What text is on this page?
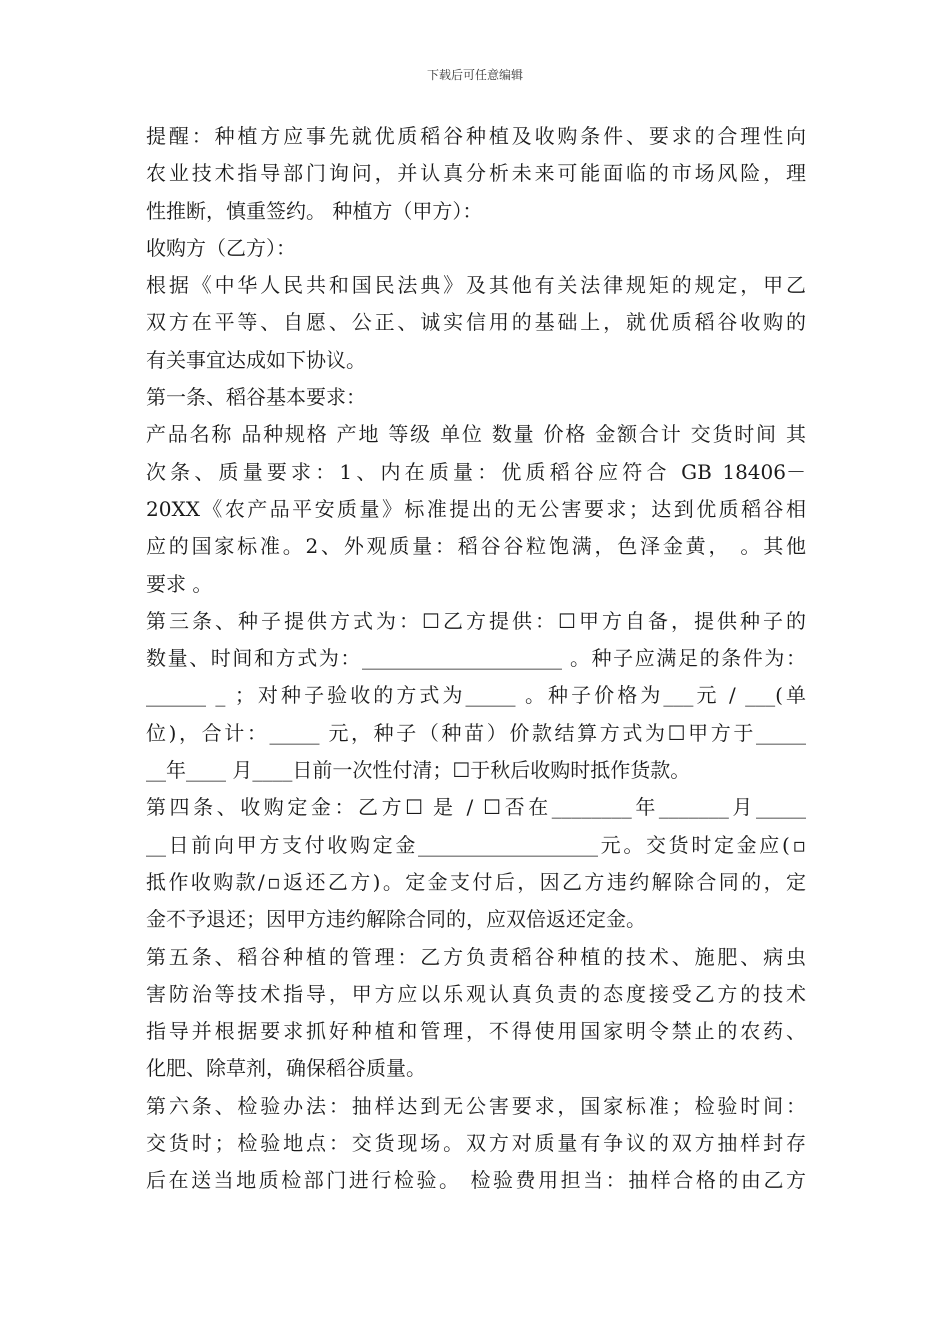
下载后可任意编辑
提醒：种植方应事先就优质稻谷种植及收购条件、要求的合理性向
农业技术指导部门询问，并认真分析未来可能面临的市场风险，理
性推断，慎重签约。 种植方（甲方）：
收购方（乙方）：
根据《中华人民共和国民法典》及其他有关法律规矩的规定，甲乙
双方在平等、自愿、公正、诚实信用的基础上，就优质稻谷收购的
有关事宜达成如下协议。
第一条、稻谷基本要求：
产品名称 品种规格 产地 等级 单位 数量 价格 金额合计 交货时间 其
次条、质量要求：1、内在质量：优质稻谷应符合 GB 18406－
20XX《农产品平安质量》标准提出的无公害要求；达到优质稻谷相
应的国家标准。2、外观质量：稻谷谷粒饱满，色泽金黄， 。其他
要求 。
第三条、种子提供方式为：☐乙方提供：☐甲方自备，提供种子的
数量、时间和方式为：____________________ 。种子应满足的条件为：
______ _ ；对种子验收的方式为_____ 。种子价格为___元 / ___(单
位)，合计：_____ 元，种子（种苗）价款结算方式为☐甲方于_____
__年____ 月____日前一次性付清；☐于秋后收购时抵作货款。
第四条、收购定金：乙方☐ 是 / ☐否在________年_______月_____
__日前向甲方支付收购定金__________________元。交货时定金应(▫
抵作收购款/▫返还乙方)。定金支付后，因乙方违约解除合同的，定
金不予退还；因甲方违约解除合同的，应双倍返还定金。
第五条、稻谷种植的管理：乙方负责稻谷种植的技术、施肥、病虫
害防治等技术指导，甲方应以乐观认真负责的态度接受乙方的技术
指导并根据要求抓好种植和管理，不得使用国家明令禁止的农药、
化肥、除草剂，确保稻谷质量。
第六条、检验办法：抽样达到无公害要求，国家标准；检验时间：
交货时；检验地点：交货现场。双方对质量有争议的双方抽样封存
后在送当地质检部门进行检验。 检验费用担当：抽样合格的由乙方
